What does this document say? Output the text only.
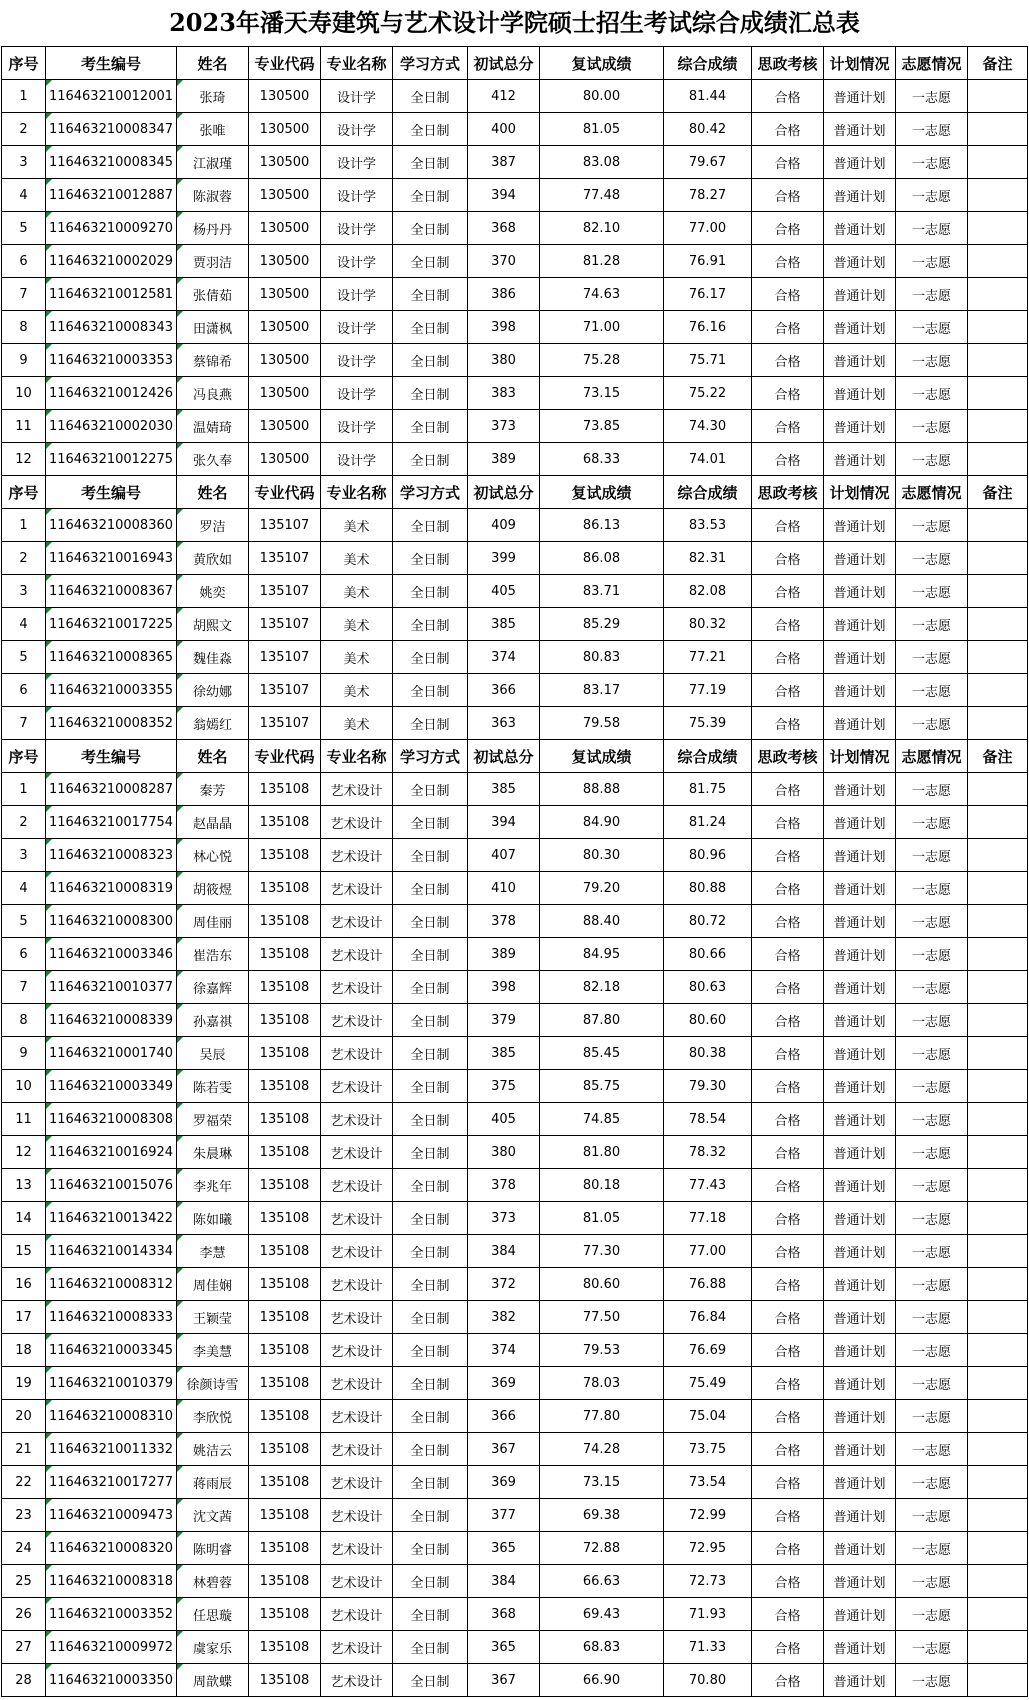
2023年潘天寿建筑与艺术设计学院硕士招生考试综合成绩汇总表
序号	考生编号	姓名	专业代码	专业名称	学习方式	初试总分	复试成绩	综合成绩	思政考核	计划情况	志愿情况	备注
1	116463210012001	张琦	130500	设计学	全日制	412	80.00	81.44	合格	普通计划	一志愿	
2	116463210008347	张唯	130500	设计学	全日制	400	81.05	80.42	合格	普通计划	一志愿	
3	116463210008345	江淑瑾	130500	设计学	全日制	387	83.08	79.67	合格	普通计划	一志愿	
4	116463210012887	陈淑蓉	130500	设计学	全日制	394	77.48	78.27	合格	普通计划	一志愿	
5	116463210009270	杨丹丹	130500	设计学	全日制	368	82.10	77.00	合格	普通计划	一志愿	
6	116463210002029	贾羽洁	130500	设计学	全日制	370	81.28	76.91	合格	普通计划	一志愿	
7	116463210012581	张倩茹	130500	设计学	全日制	386	74.63	76.17	合格	普通计划	一志愿	
8	116463210008343	田潇枫	130500	设计学	全日制	398	71.00	76.16	合格	普通计划	一志愿	
9	116463210003353	蔡锦希	130500	设计学	全日制	380	75.28	75.71	合格	普通计划	一志愿	
10	116463210012426	冯良燕	130500	设计学	全日制	383	73.15	75.22	合格	普通计划	一志愿	
11	116463210002030	温婧琦	130500	设计学	全日制	373	73.85	74.30	合格	普通计划	一志愿	
12	116463210012275	张久奉	130500	设计学	全日制	389	68.33	74.01	合格	普通计划	一志愿	
序号	考生编号	姓名	专业代码	专业名称	学习方式	初试总分	复试成绩	综合成绩	思政考核	计划情况	志愿情况	备注
1	116463210008360	罗洁	135107	美术	全日制	409	86.13	83.53	合格	普通计划	一志愿	
2	116463210016943	黄欣如	135107	美术	全日制	399	86.08	82.31	合格	普通计划	一志愿	
3	116463210008367	姚奕	135107	美术	全日制	405	83.71	82.08	合格	普通计划	一志愿	
4	116463210017225	胡熙文	135107	美术	全日制	385	85.29	80.32	合格	普通计划	一志愿	
5	116463210008365	魏佳淼	135107	美术	全日制	374	80.83	77.21	合格	普通计划	一志愿	
6	116463210003355	徐幼娜	135107	美术	全日制	366	83.17	77.19	合格	普通计划	一志愿	
7	116463210008352	翁嫣红	135107	美术	全日制	363	79.58	75.39	合格	普通计划	一志愿	
序号	考生编号	姓名	专业代码	专业名称	学习方式	初试总分	复试成绩	综合成绩	思政考核	计划情况	志愿情况	备注
1	116463210008287	秦芳	135108	艺术设计	全日制	385	88.88	81.75	合格	普通计划	一志愿	
2	116463210017754	赵晶晶	135108	艺术设计	全日制	394	84.90	81.24	合格	普通计划	一志愿	
3	116463210008323	林心悦	135108	艺术设计	全日制	407	80.30	80.96	合格	普通计划	一志愿	
4	116463210008319	胡筱煜	135108	艺术设计	全日制	410	79.20	80.88	合格	普通计划	一志愿	
5	116463210008300	周佳丽	135108	艺术设计	全日制	378	88.40	80.72	合格	普通计划	一志愿	
6	116463210003346	崔浩东	135108	艺术设计	全日制	389	84.95	80.66	合格	普通计划	一志愿	
7	116463210010377	徐嘉辉	135108	艺术设计	全日制	398	82.18	80.63	合格	普通计划	一志愿	
8	116463210008339	孙嘉祺	135108	艺术设计	全日制	379	87.80	80.60	合格	普通计划	一志愿	
9	116463210001740	吴辰	135108	艺术设计	全日制	385	85.45	80.38	合格	普通计划	一志愿	
10	116463210003349	陈若雯	135108	艺术设计	全日制	375	85.75	79.30	合格	普通计划	一志愿	
11	116463210008308	罗福荣	135108	艺术设计	全日制	405	74.85	78.54	合格	普通计划	一志愿	
12	116463210016924	朱晨琳	135108	艺术设计	全日制	380	81.80	78.32	合格	普通计划	一志愿	
13	116463210015076	李兆年	135108	艺术设计	全日制	378	80.18	77.43	合格	普通计划	一志愿	
14	116463210013422	陈如曦	135108	艺术设计	全日制	373	81.05	77.18	合格	普通计划	一志愿	
15	116463210014334	李慧	135108	艺术设计	全日制	384	77.30	77.00	合格	普通计划	一志愿	
16	116463210008312	周佳娴	135108	艺术设计	全日制	372	80.60	76.88	合格	普通计划	一志愿	
17	116463210008333	王颖莹	135108	艺术设计	全日制	382	77.50	76.84	合格	普通计划	一志愿	
18	116463210003345	李美慧	135108	艺术设计	全日制	374	79.53	76.69	合格	普通计划	一志愿	
19	116463210010379	徐颜诗雪	135108	艺术设计	全日制	369	78.03	75.49	合格	普通计划	一志愿	
20	116463210008310	李欣悦	135108	艺术设计	全日制	366	77.80	75.04	合格	普通计划	一志愿	
21	116463210011332	姚洁云	135108	艺术设计	全日制	367	74.28	73.75	合格	普通计划	一志愿	
22	116463210017277	蒋雨辰	135108	艺术设计	全日制	369	73.15	73.54	合格	普通计划	一志愿	
23	116463210009473	沈文茜	135108	艺术设计	全日制	377	69.38	72.99	合格	普通计划	一志愿	
24	116463210008320	陈明睿	135108	艺术设计	全日制	365	72.88	72.95	合格	普通计划	一志愿	
25	116463210008318	林碧蓉	135108	艺术设计	全日制	384	66.63	72.73	合格	普通计划	一志愿	
26	116463210003352	任思璇	135108	艺术设计	全日制	368	69.43	71.93	合格	普通计划	一志愿	
27	116463210009972	虞家乐	135108	艺术设计	全日制	365	68.83	71.33	合格	普通计划	一志愿	
28	116463210003350	周歆蝶	135108	艺术设计	全日制	367	66.90	70.80	合格	普通计划	一志愿	
